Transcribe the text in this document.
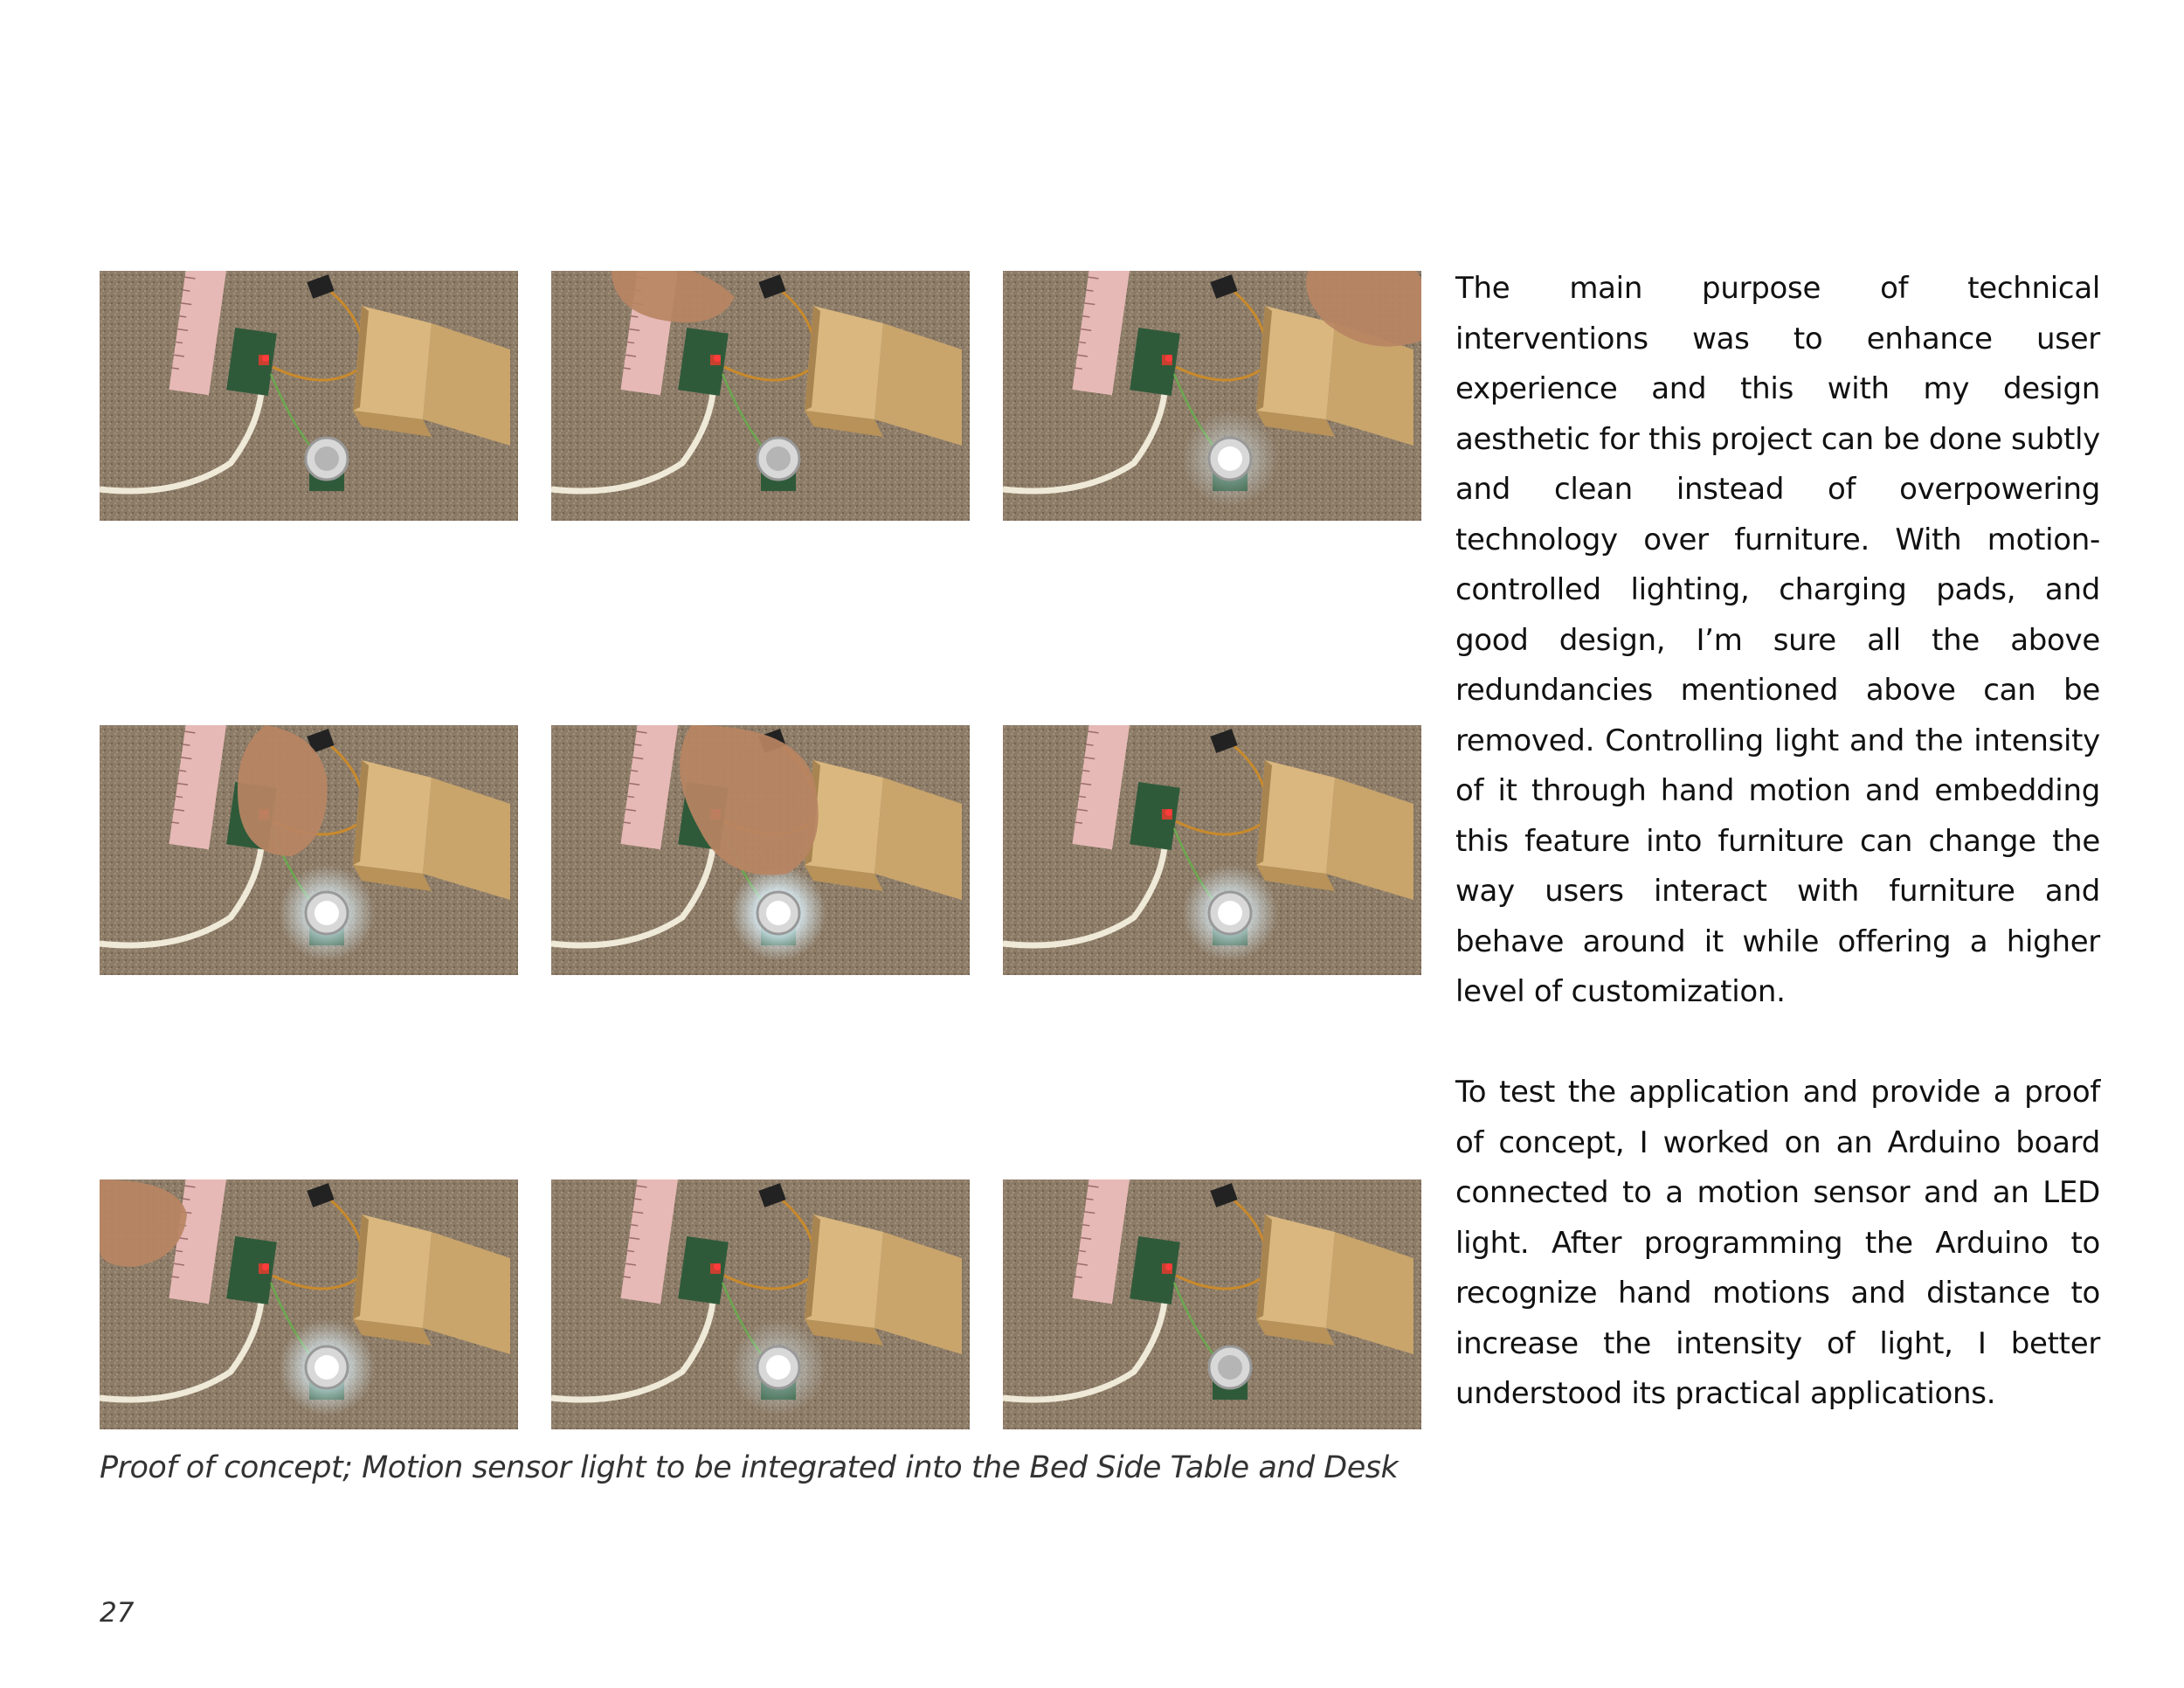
Proof of concept; Motion sensor light to be integrated into the Bed Side Table and Desk

The main purpose of technical interventions was to enhance user experience and this with my design aesthetic for this project can be done subtly and clean instead of overpowering technology over furniture. With motion-controlled lighting, charging pads, and good design, I’m sure all the above redundancies mentioned above can be removed. Controlling light and the intensity of it through hand motion and embedding this feature into furniture can change the way users interact with furniture and behave around it while offering a higher level of customization.

To test the application and provide a proof of concept, I worked on an Arduino board connected to a motion sensor and an LED light. After programming the Arduino to recognize hand motions and distance to increase the intensity of light, I better understood its practical applications.

27
